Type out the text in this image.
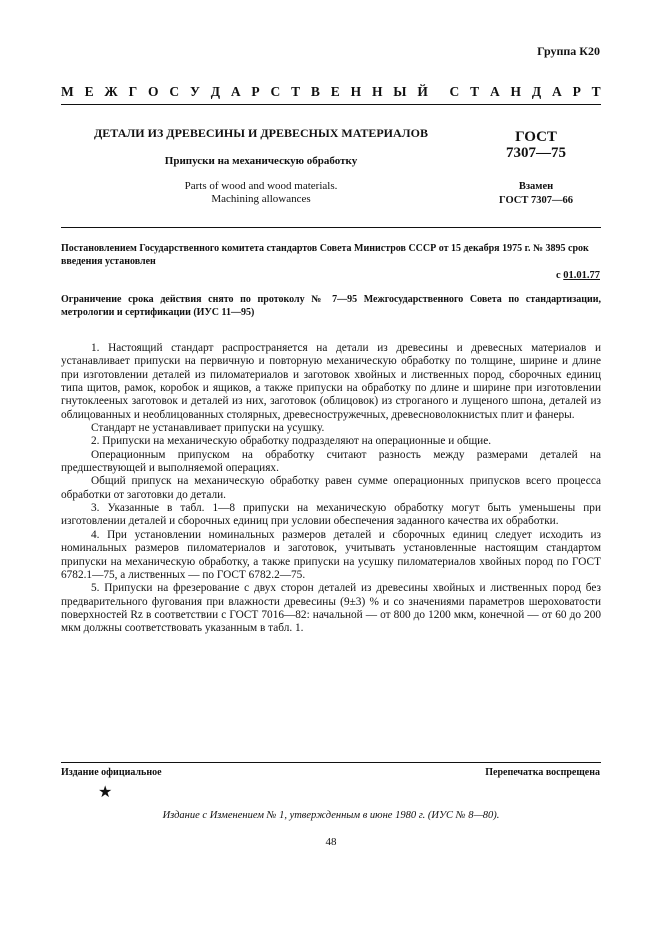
Группа К20
М Е Ж Г О С У Д А Р С Т В Е Н Н Ы Й С Т А Н Д А Р Т
ДЕТАЛИ ИЗ ДРЕВЕСИНЫ И ДРЕВЕСНЫХ МАТЕРИАЛОВ
Припуски на механическую обработку
Parts of wood and wood materials.
Machining allowances
ГОСТ
7307—75
Взамен
ГОСТ 7307—66
Постановлением Государственного комитета стандартов Совета Министров СССР от 15 декабря 1975 г. № 3895 срок введения установлен
с 01.01.77
Ограничение срока действия снято по протоколу № 7—95 Межгосударственного Совета по стандартизации, метрологии и сертификации (ИУС 11—95)

1. Настоящий стандарт распространяется на детали из древесины и древесных материалов и устанавливает припуски на первичную и повторную механическую обработку по толщине, ширине и длине при изготовлении деталей из пиломатериалов и заготовок хвойных и лиственных пород, сборочных единиц типа щитов, рамок, коробок и ящиков, а также припуски на обработку по длине и ширине при изготовлении гнутоклееных заготовок и деталей из них, заготовок (облицовок) из строганого и лущеного шпона, деталей из облицованных и необлицованных столярных, древесностружечных, древесноволокнистых плит и фанеры.

Стандарт не устанавливает припуски на усушку.

2. Припуски на механическую обработку подразделяют на операционные и общие.

Операционным припуском на обработку считают разность между размерами деталей на предшествующей и выполняемой операциях.

Общий припуск на механическую обработку равен сумме операционных припусков всего процесса обработки от заготовки до детали.

3. Указанные в табл. 1—8 припуски на механическую обработку могут быть уменьшены при изготовлении деталей и сборочных единиц при условии обеспечения заданного качества их обработки.

4. При установлении номинальных размеров деталей и сборочных единиц следует исходить из номинальных размеров пиломатериалов и заготовок, учитывать установленные настоящим стандартом припуски на механическую обработку, а также припуски на усушку пиломатериалов хвойных пород по ГОСТ 6782.1—75, а лиственных — по ГОСТ 6782.2—75.

5. Припуски на фрезерование с двух сторон деталей из древесины хвойных и лиственных пород без предварительного фугования при влажности древесины (9±3) % и со значениями параметров шероховатости поверхностей Rz в соответствии с ГОСТ 7016—82: начальной — от 800 до 1200 мкм, конечной — от 60 до 200 мкм должны соответствовать указанным в табл. 1.

Издание официальное	Перепечатка воспрещена
★
Издание с Изменением № 1, утвержденным в июне 1980 г. (ИУС № 8—80).
48
